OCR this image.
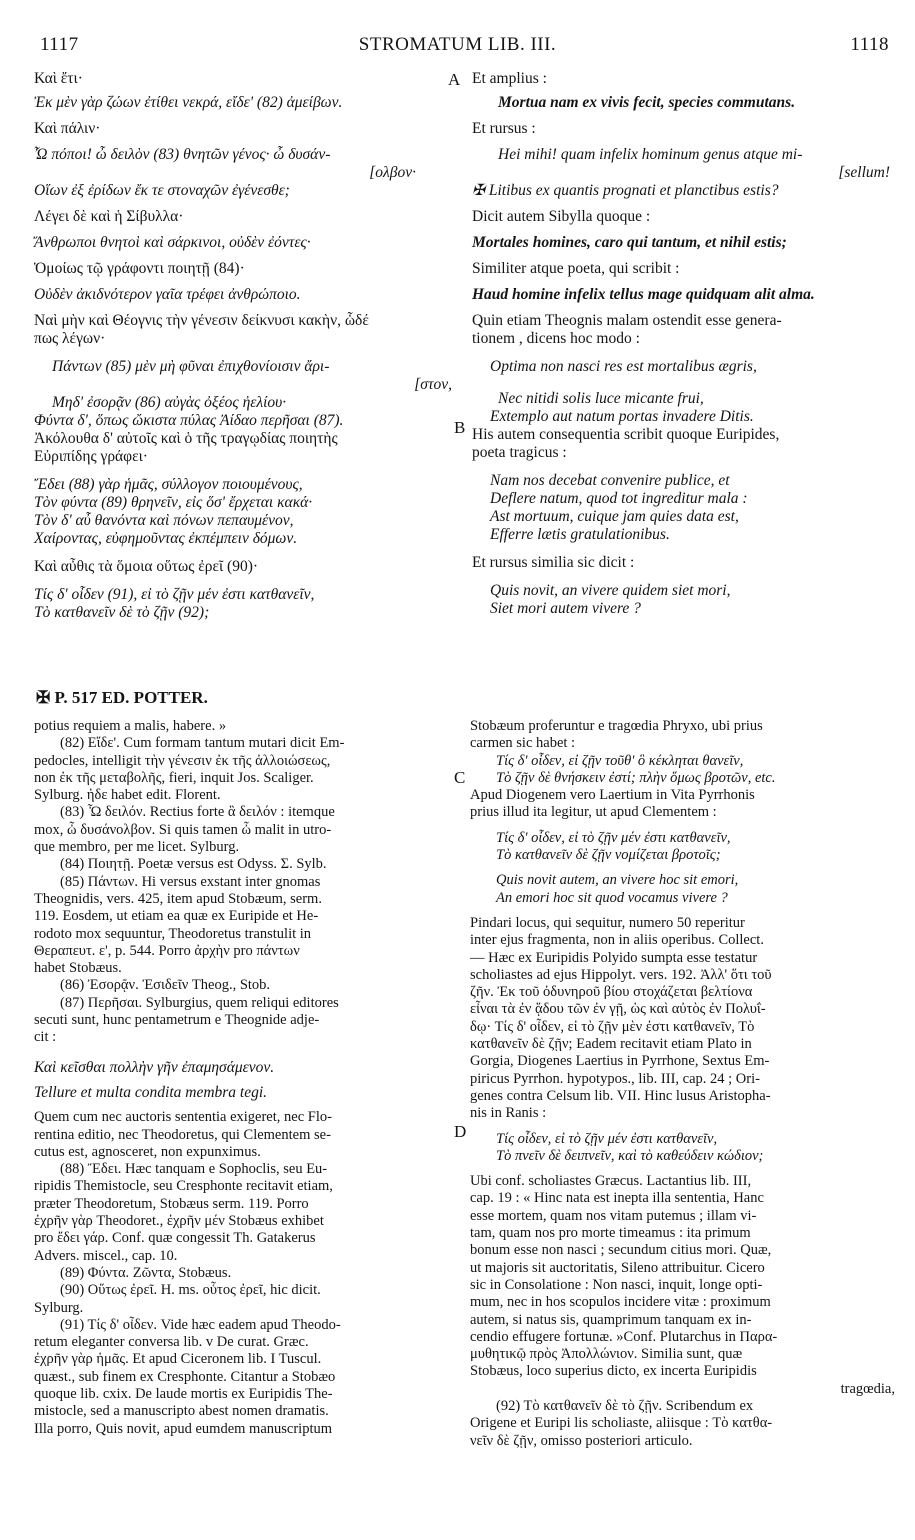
1117	STROMATUM LIB. III.	1118
A
B
C
D

Καὶ ἔτι·

Ἐκ μὲν γὰρ ζώων ἐτίθει νεκρά, εἴδε' (82) ἀμείβων.

Καὶ πάλιν·

Ὦ πόποι! ὦ δειλὸν (83) θνητῶν γένος· ὦ δυσάν-

[ολβον·

Οἵων ἐξ ἐρίδων ἔκ τε στοναχῶν ἐγένεσθε;

Λέγει δὲ καὶ ἡ Σίβυλλα·

Ἄνθρωποι θνητοὶ καὶ σάρκινοι, οὐδὲν ἐόντες·

Ὁμοίως τῷ γράφοντι ποιητῇ (84)·

Οὐδὲν ἀκιδνότερον γαῖα τρέφει ἀνθρώποιο.

Ναὶ μὴν καὶ Θέογνις τὴν γένεσιν δείκνυσι κακὴν, ὧδέ

πως λέγων·

Πάντων (85) μὲν μὴ φῦναι ἐπιχθονίοισιν ἄρι-

[στον,

Μηδ' ἐσορᾷν (86) αὐγὰς ὀξέος ἠελίου·

Φύντα δ', ὅπως ὤκιστα πύλας Ἀίδαο περῆσαι (87).

Ἀκόλουθα δ' αὐτοῖς καὶ ὁ τῆς τραγῳδίας ποιητὴς

Εὐριπίδης γράφει·

Ἔδει (88) γὰρ ἡμᾶς, σύλλογον ποιουμένους,

Τὸν φύντα (89) θρηνεῖν, εἰς ὅσ' ἔρχεται κακά·

Τὸν δ' αὖ θανόντα καὶ πόνων πεπαυμένον,

Χαίροντας, εὐφημοῦντας ἐκπέμπειν δόμων.

Καὶ αὖθις τὰ ὅμοια οὕτως ἐρεῖ (90)·

Τίς δ' οἶδεν (91), εἰ τὸ ζῇν μέν ἐστι κατθανεῖν,

Τὸ κατθανεῖν δὲ τὸ ζῇν (92);

Et amplius :

Mortua nam ex vivis fecit, species commutans.

Et rursus :

Hei mihi! quam infelix hominum genus atque mi-

[sellum!

✠ Litibus ex quantis prognati et planctibus estis?

Dicit autem Sibylla quoque :

Mortales homines, caro qui tantum, et nihil estis;

Similiter atque poeta, qui scribit :

Haud homine infelix tellus mage quidquam alit alma.

Quin etiam Theognis malam ostendit esse genera-

tionem , dicens hoc modo :

Optima non nasci res est mortalibus ægris,

Nec nitidi solis luce micante frui,

Extemplo aut natum portas invadere Ditis.

His autem consequentia scribit quoque Euripides,

poeta tragicus :

Nam nos decebat convenire publice, et

Deflere natum, quod tot ingreditur mala :

Ast mortuum, cuique jam quies data est,

Efferre lætis gratulationibus.

Et rursus similia sic dicit :

Quis novit, an vivere quidem siet mori,

Siet mori autem vivere ?

✠ P. 517 ED. POTTER.

potius requiem a malis, habere. »

(82) Εἴδε'. Cum formam tantum mutari dicit Em-

pedocles, intelligit τὴν γένεσιν ἐκ τῆς ἀλλοιώσεως,

non ἐκ τῆς μεταβολῆς, fieri, inquit Jos. Scaliger.

Sylburg. ἠδε habet edit. Florent.

(83) Ὦ δειλόν. Rectius forte ἃ δειλόν : itemque

mox, ὦ δυσάνολβον. Si quis tamen ὦ malit in utro-

que membro, per me licet. Sylburg.

(84) Ποιητῇ. Poetæ versus est Odyss. Σ. Sylb.

(85) Πάντων. Hi versus exstant inter gnomas

Theognidis, vers. 425, item apud Stobæum, serm.

119. Eosdem, ut etiam ea quæ ex Euripide et He-

rodoto mox sequuntur, Theodoretus transtulit in

Θεραπευτ. ε', p. 544. Porro ἀρχὴν pro πάντων

habet Stobæus.

(86) Ἐσορᾷν. Ἐσιδεῖν Theog., Stob.

(87) Περῆσαι. Sylburgius, quem reliqui editores

secuti sunt, hunc pentametrum e Theognide adje-

cit :

Καὶ κεῖσθαι πολλὴν γῆν ἐπαμησάμενον.

Tellure et multa condita membra tegi.

Quem cum nec auctoris sententia exigeret, nec Flo-

rentina editio, nec Theodoretus, qui Clementem se-

cutus est, agnosceret, non expunximus.

(88) Ἔδει. Hæc tanquam e Sophoclis, seu Eu-

ripidis Themistocle, seu Cresphonte recitavit etiam,

præter Theodoretum, Stobæus serm. 119. Porro

ἐχρῆν γὰρ Theodoret., ἐχρῆν μέν Stobæus exhibet

pro ἔδει γάρ. Conf. quæ congessit Th. Gatakerus

Advers. miscel., cap. 10.

(89) Φύντα. Ζῶντα, Stobæus.

(90) Οὕτως ἐρεῖ. H. ms. οὗτος ἐρεῖ, hic dicit.

Sylburg.

(91) Τίς δ' οἶδεν. Vide hæc eadem apud Theodo-

retum eleganter conversa lib. v De curat. Græc.

ἐχρῆν γὰρ ἡμᾶς. Et apud Ciceronem lib. I Tuscul.

quæst., sub finem ex Cresphonte. Citantur a Stobæo

quoque lib. cxix. De laude mortis ex Euripidis The-

mistocle, sed a manuscripto abest nomen dramatis.

Illa porro, Quis novit, apud eumdem manuscriptum

Stobæum proferuntur e tragœdia Phryxo, ubi prius

carmen sic habet :

Τίς δ' οἶδεν, εἰ ζῇν τοῦθ' ὃ κέκληται θανεῖν,

Τὸ ζῇν δὲ θνήσκειν ἐστί; πλὴν ὅμως βροτῶν, etc.

Apud Diogenem vero Laertium in Vita Pyrrhonis

prius illud ita legitur, ut apud Clementem :

Τίς δ' οἶδεν, εἰ τὸ ζῇν μέν ἐστι κατθανεῖν,

Τὸ κατθανεῖν δὲ ζῇν νομίζεται βροτοῖς;

Quis novit autem, an vivere hoc sit emori,

An emori hoc sit quod vocamus vivere ?

Pindari locus, qui sequitur, numero 50 reperitur

inter ejus fragmenta, non in aliis operibus. Collect.

— Hæc ex Euripidis Polyido sumpta esse testatur

scholiastes ad ejus Hippolyt. vers. 192. Ἀλλ' ὅτι τοῦ

ζῆν. Ἐκ τοῦ ὀδυνηροῦ βίου στοχάζεται βελτίονα

εἶναι τὰ ἐν ᾅδου τῶν ἐν γῇ, ὡς καὶ αὐτὸς ἐν Πολυΐ-

δῳ· Τίς δ' οἶδεν, εἰ τὸ ζῇν μὲν ἐστι κατθανεῖν, Τὸ

κατθανεῖν δὲ ζῇν; Eadem recitavit etiam Plato in

Gorgia, Diogenes Laertius in Pyrrhone, Sextus Em-

piricus Pyrrhon. hypotypos., lib. III, cap. 24 ; Ori-

genes contra Celsum lib. VII. Hinc lusus Aristopha-

nis in Ranis :

Τίς οἶδεν, εἰ τὸ ζῇν μέν ἐστι κατθανεῖν,

Τὸ πνεῖν δὲ δειπνεῖν, καὶ τὸ καθεύδειν κώδιον;

Ubi conf. scholiastes Græcus. Lactantius lib. III,

cap. 19 : « Hinc nata est inepta illa sententia, Hanc

esse mortem, quam nos vitam putemus ; illam vi-

tam, quam nos pro morte timeamus : ita primum

bonum esse non nasci ; secundum citius mori. Quæ,

ut majoris sit auctoritatis, Sileno attribuitur. Cicero

sic in Consolatione : Non nasci, inquit, longe opti-

mum, nec in hos scopulos incidere vitæ : proximum

autem, si natus sis, quamprimum tanquam ex in-

cendio effugere fortunæ. »Conf. Plutarchus in Παρα-

μυθητικῷ πρὸς Ἀπολλώνιον. Similia sunt, quæ

Stobæus, loco superius dicto, ex incerta Euripidis

tragœdia,

(92) Τὸ κατθανεῖν δὲ τὸ ζῇν. Scribendum ex

Origene et Euripi lis scholiaste, aliisque : Τὸ κατθα-

νεῖν δὲ ζῇν, omisso posteriori articulo.
